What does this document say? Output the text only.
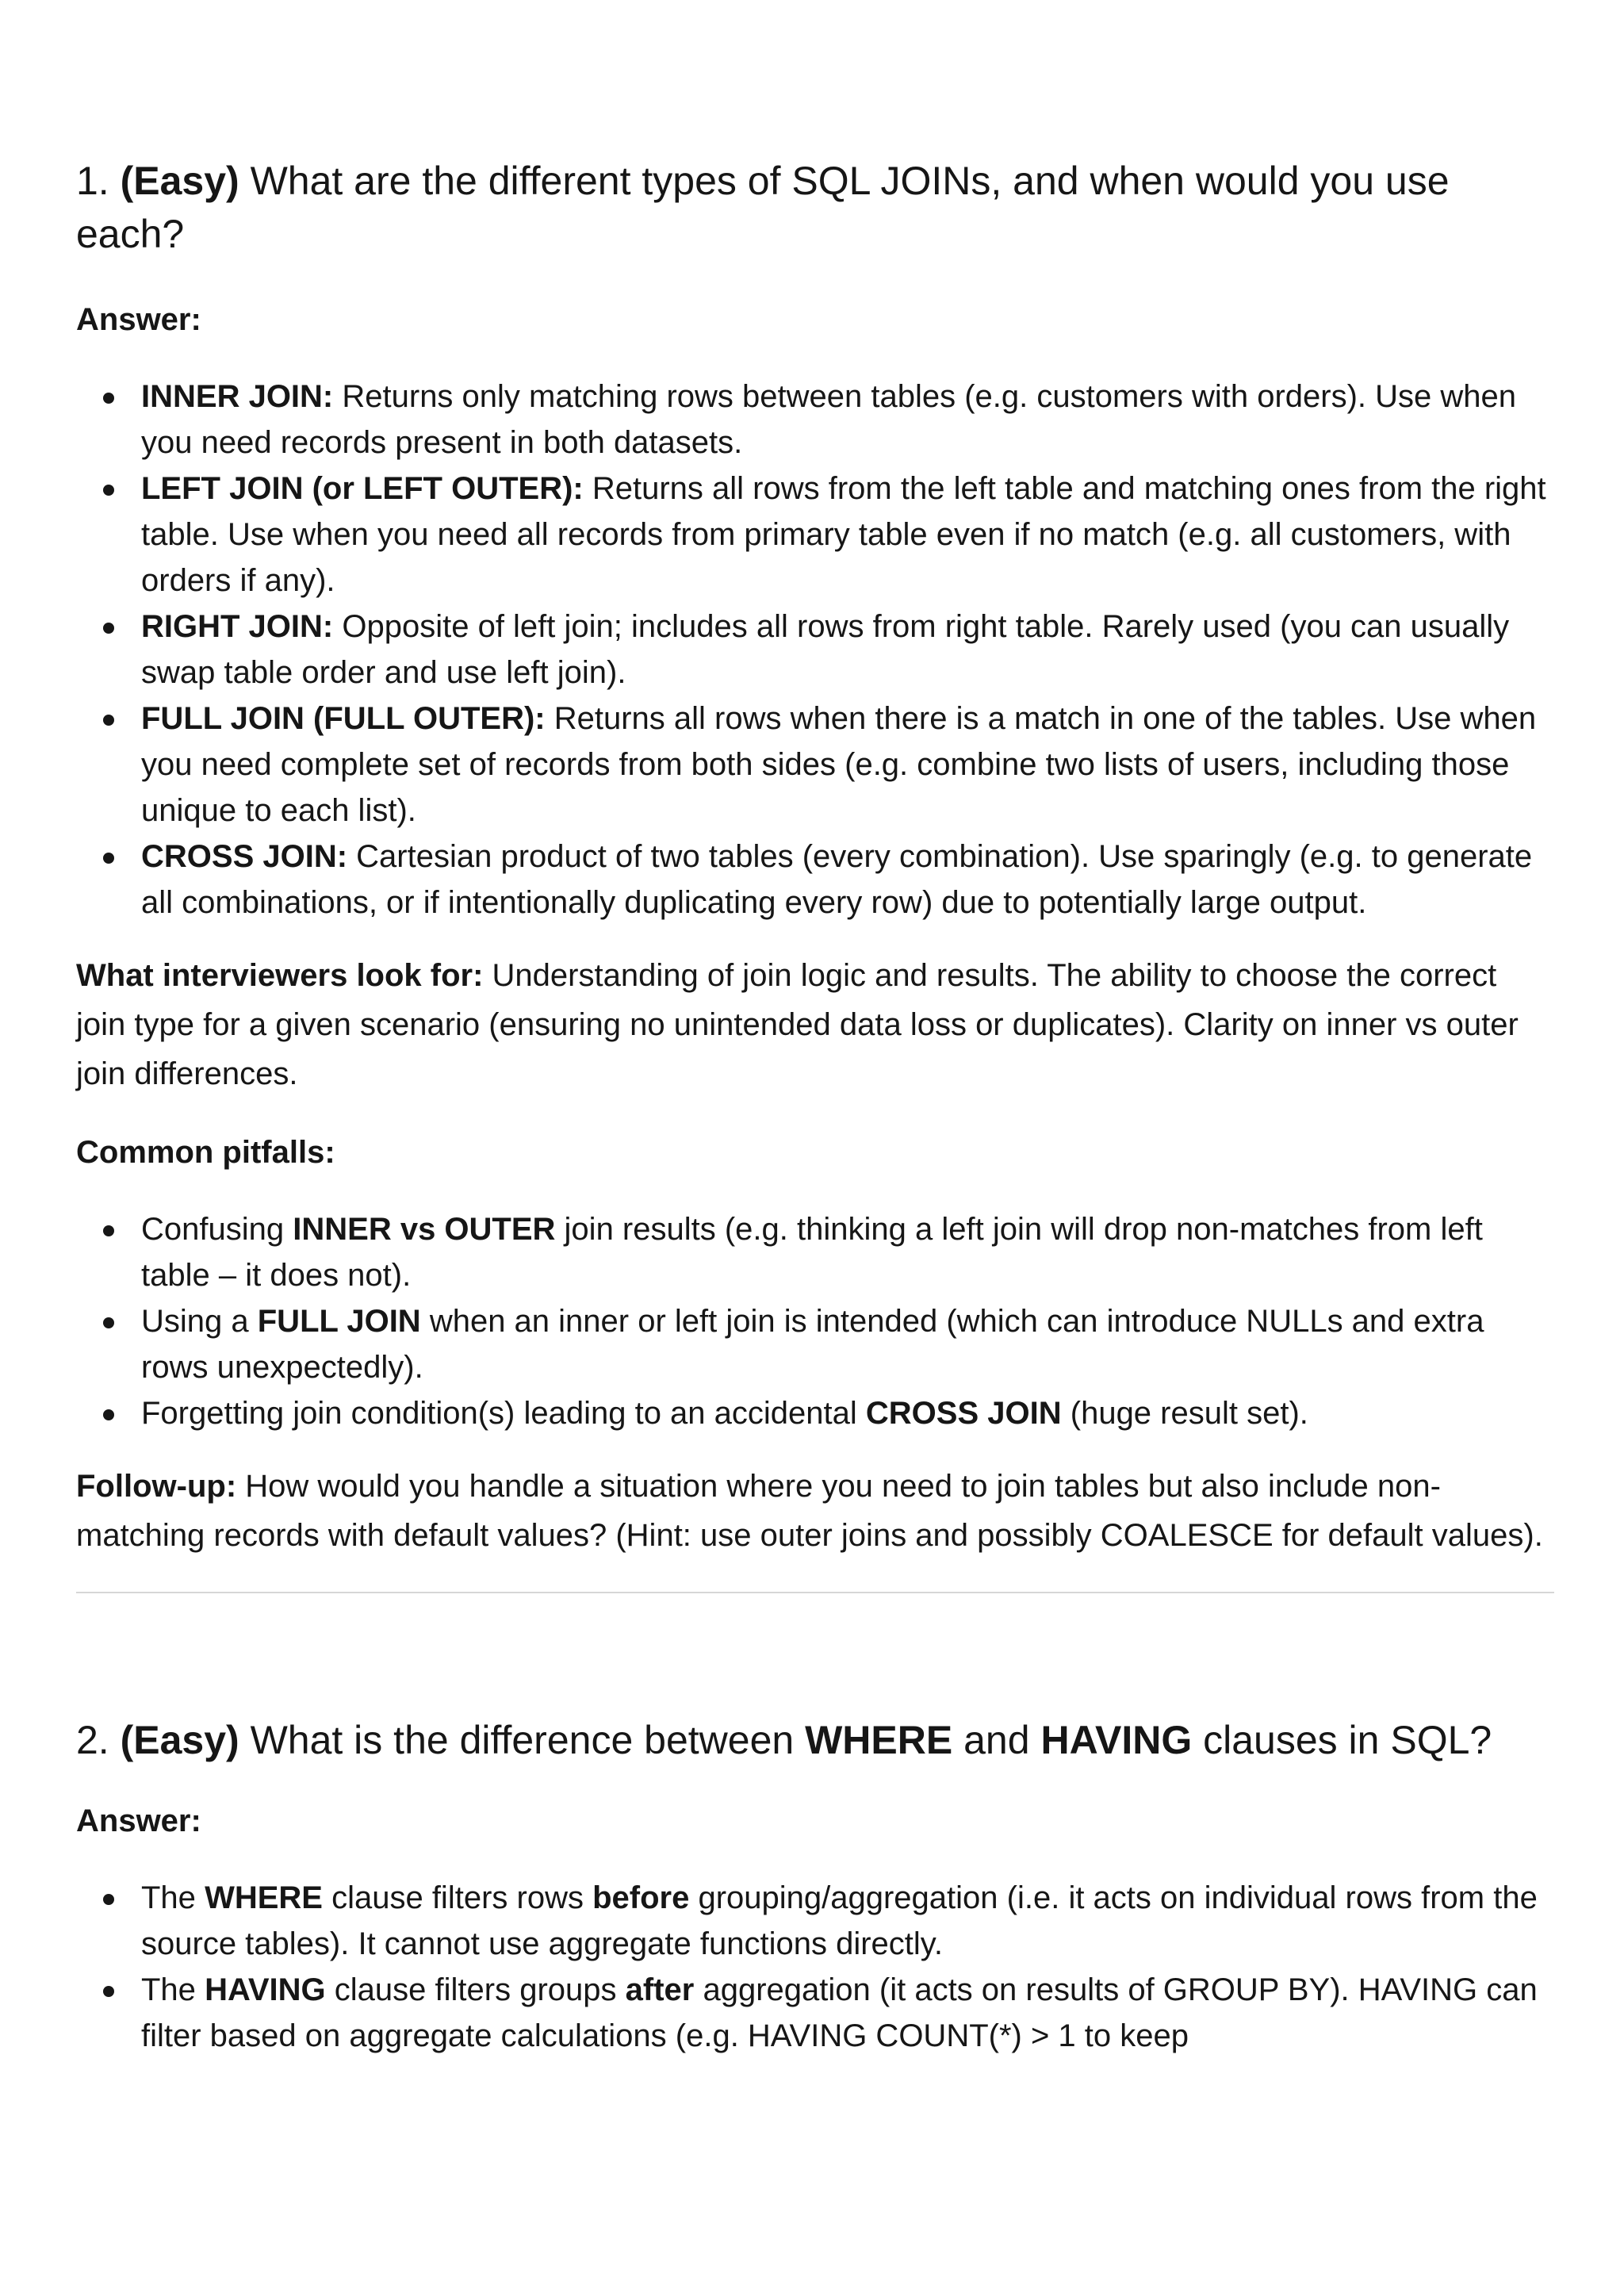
1. (Easy) What are the different types of SQL JOINs, and when would you use each?
Answer:
INNER JOIN: Returns only matching rows between tables (e.g. customers with orders). Use when you need records present in both datasets.
LEFT JOIN (or LEFT OUTER): Returns all rows from the left table and matching ones from the right table. Use when you need all records from primary table even if no match (e.g. all customers, with orders if any).
RIGHT JOIN: Opposite of left join; includes all rows from right table. Rarely used (you can usually swap table order and use left join).
FULL JOIN (FULL OUTER): Returns all rows when there is a match in one of the tables. Use when you need complete set of records from both sides (e.g. combine two lists of users, including those unique to each list).
CROSS JOIN: Cartesian product of two tables (every combination). Use sparingly (e.g. to generate all combinations, or if intentionally duplicating every row) due to potentially large output.

What interviewers look for: Understanding of join logic and results. The ability to choose the correct join type for a given scenario (ensuring no unintended data loss or duplicates). Clarity on inner vs outer join differences.

Common pitfalls:
Confusing INNER vs OUTER join results (e.g. thinking a left join will drop non-matches from left table – it does not).
Using a FULL JOIN when an inner or left join is intended (which can introduce NULLs and extra rows unexpectedly).
Forgetting join condition(s) leading to an accidental CROSS JOIN (huge result set).

Follow-up: How would you handle a situation where you need to join tables but also include non-matching records with default values? (Hint: use outer joins and possibly COALESCE for default values).

2. (Easy) What is the difference between WHERE and HAVING clauses in SQL?
Answer:
The WHERE clause filters rows before grouping/aggregation (i.e. it acts on individual rows from the source tables). It cannot use aggregate functions directly.
The HAVING clause filters groups after aggregation (it acts on results of GROUP BY). HAVING can filter based on aggregate calculations (e.g. HAVING COUNT(*) > 1 to keep
